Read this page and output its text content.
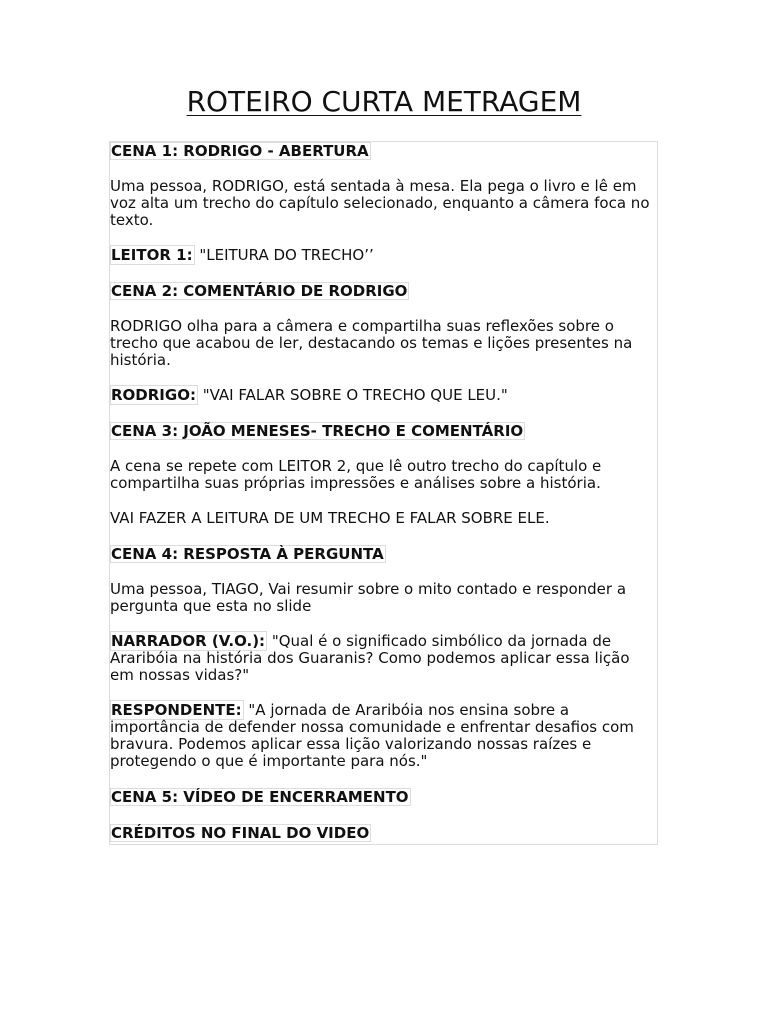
ROTEIRO CURTA METRAGEM

CENA 1: RODRIGO - ABERTURA

Uma pessoa, RODRIGO, está sentada à mesa. Ela pega o livro e lê em voz alta um trecho do capítulo selecionado, enquanto a câmera foca no texto.

LEITOR 1: "LEITURA DO TRECHO’’

CENA 2: COMENTÁRIO DE RODRIGO

RODRIGO olha para a câmera e compartilha suas reflexões sobre o trecho que acabou de ler, destacando os temas e lições presentes na história.

RODRIGO: "VAI FALAR SOBRE O TRECHO QUE LEU."

CENA 3: JOÃO MENESES- TRECHO E COMENTÁRIO

A cena se repete com LEITOR 2, que lê outro trecho do capítulo e compartilha suas próprias impressões e análises sobre a história.

VAI FAZER A LEITURA DE UM TRECHO E FALAR SOBRE ELE.

CENA 4: RESPOSTA À PERGUNTA

Uma pessoa, TIAGO, Vai resumir sobre o mito contado e responder a pergunta que esta no slide

NARRADOR (V.O.): "Qual é o significado simbólico da jornada de Araribóia na história dos Guaranis? Como podemos aplicar essa lição em nossas vidas?"

RESPONDENTE: "A jornada de Araribóia nos ensina sobre a importância de defender nossa comunidade e enfrentar desafios com bravura. Podemos aplicar essa lição valorizando nossas raízes e protegendo o que é importante para nós."

CENA 5: VÍDEO DE ENCERRAMENTO

CRÉDITOS NO FINAL DO VIDEO
